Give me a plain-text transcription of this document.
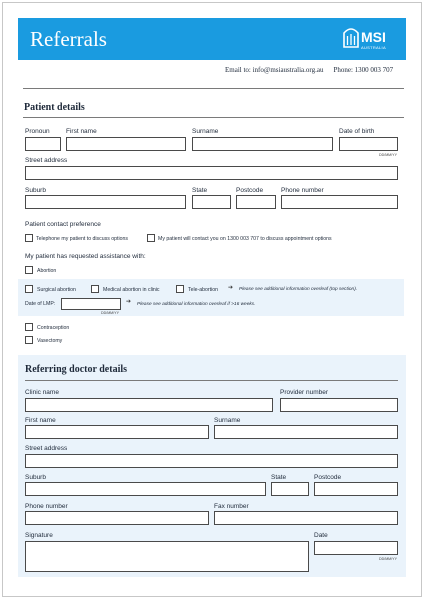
Referrals	MSI
AUSTRALIA
Email to: info@msiaustralia.org.au Phone: 1300 003 707
Patient details
Pronoun	First name	Surname	Date of birth
DD/MM/YY
Street address
Suburb	State	Postcode	Phone number
Patient contact preference
Telephone my patient to discuss options	My patient will contact you on 1300 003 707 to discuss appointment options
My patient has requested assistance with:
Abortion
Surgical abortion	Medical abortion in clinic	Tele-abortion ➔ Please see additional information overleaf (top section).
Date of LMP:
DD/MM/YY
➔ Please see additional information overleaf if >16 weeks.
Contraception
Vasectomy
Referring doctor details
Clinic name	Provider number
First name	Surname
Street address
Suburb	State	Postcode
Phone number	Fax number
Signature	Date
DD/MM/YY
